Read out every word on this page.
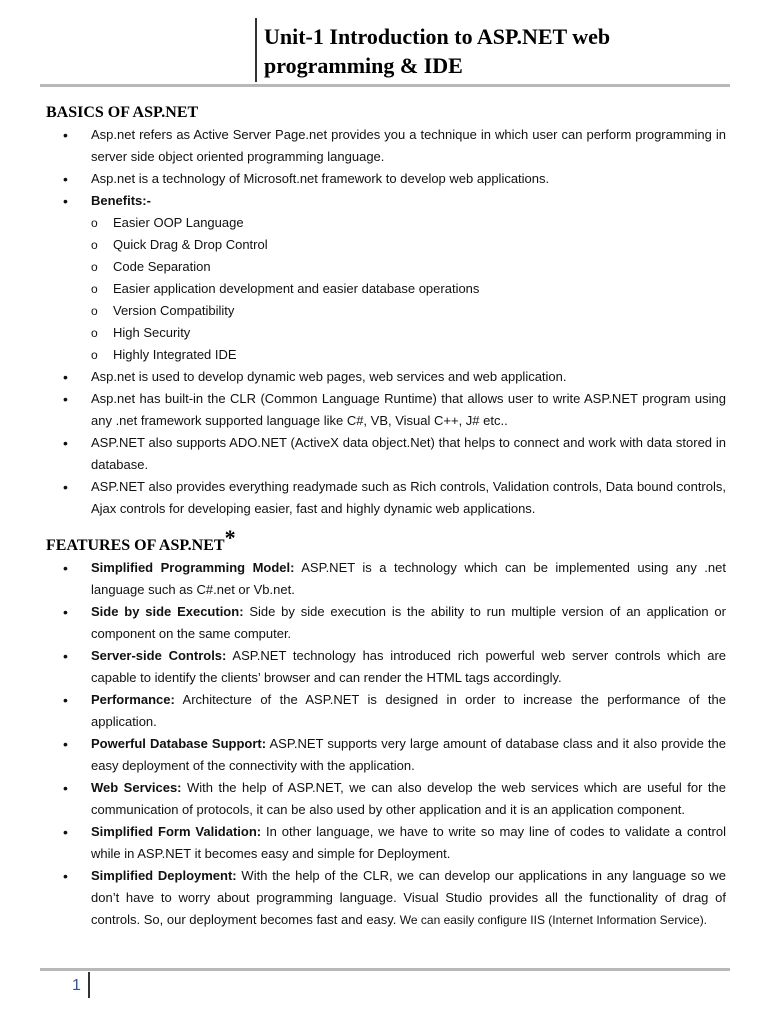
Unit-1 Introduction to ASP.NET web
programming & IDE
BASICS OF ASP.NET
• Asp.net refers as Active Server Page.net provides you a technique in which user can perform programming in server side object oriented programming language.
• Asp.net is a technology of Microsoft.net framework to develop web applications.
• Benefits:-
o Easier OOP Language
o Quick Drag & Drop Control
o Code Separation
o Easier application development and easier database operations
o Version Compatibility
o High Security
o Highly Integrated IDE
• Asp.net is used to develop dynamic web pages, web services and web application.
• Asp.net has built-in the CLR (Common Language Runtime) that allows user to write ASP.NET program using any .net framework supported language like C#, VB, Visual C++, J# etc..
• ASP.NET also supports ADO.NET (ActiveX data object.Net) that helps to connect and work with data stored in database.
• ASP.NET also provides everything readymade such as Rich controls, Validation controls, Data bound controls, Ajax controls for developing easier, fast and highly dynamic web applications.
FEATURES OF ASP.NET*
• Simplified Programming Model: ASP.NET is a technology which can be implemented using any .net language such as C#.net or Vb.net.
• Side by side Execution: Side by side execution is the ability to run multiple version of an application or component on the same computer.
• Server-side Controls: ASP.NET technology has introduced rich powerful web server controls which are capable to identify the clients’ browser and can render the HTML tags accordingly.
• Performance: Architecture of the ASP.NET is designed in order to increase the performance of the application.
• Powerful Database Support: ASP.NET supports very large amount of database class and it also provide the easy deployment of the connectivity with the application.
• Web Services: With the help of ASP.NET, we can also develop the web services which are useful for the communication of protocols, it can be also used by other application and it is an application component.
• Simplified Form Validation: In other language, we have to write so may line of codes to validate a control while in ASP.NET it becomes easy and simple for Deployment.
• Simplified Deployment: With the help of the CLR, we can develop our applications in any language so we don’t have to worry about programming language. Visual Studio provides all the functionality of drag of controls. So, our deployment becomes fast and easy. We can easily configure IIS (Internet Information Service).
1
